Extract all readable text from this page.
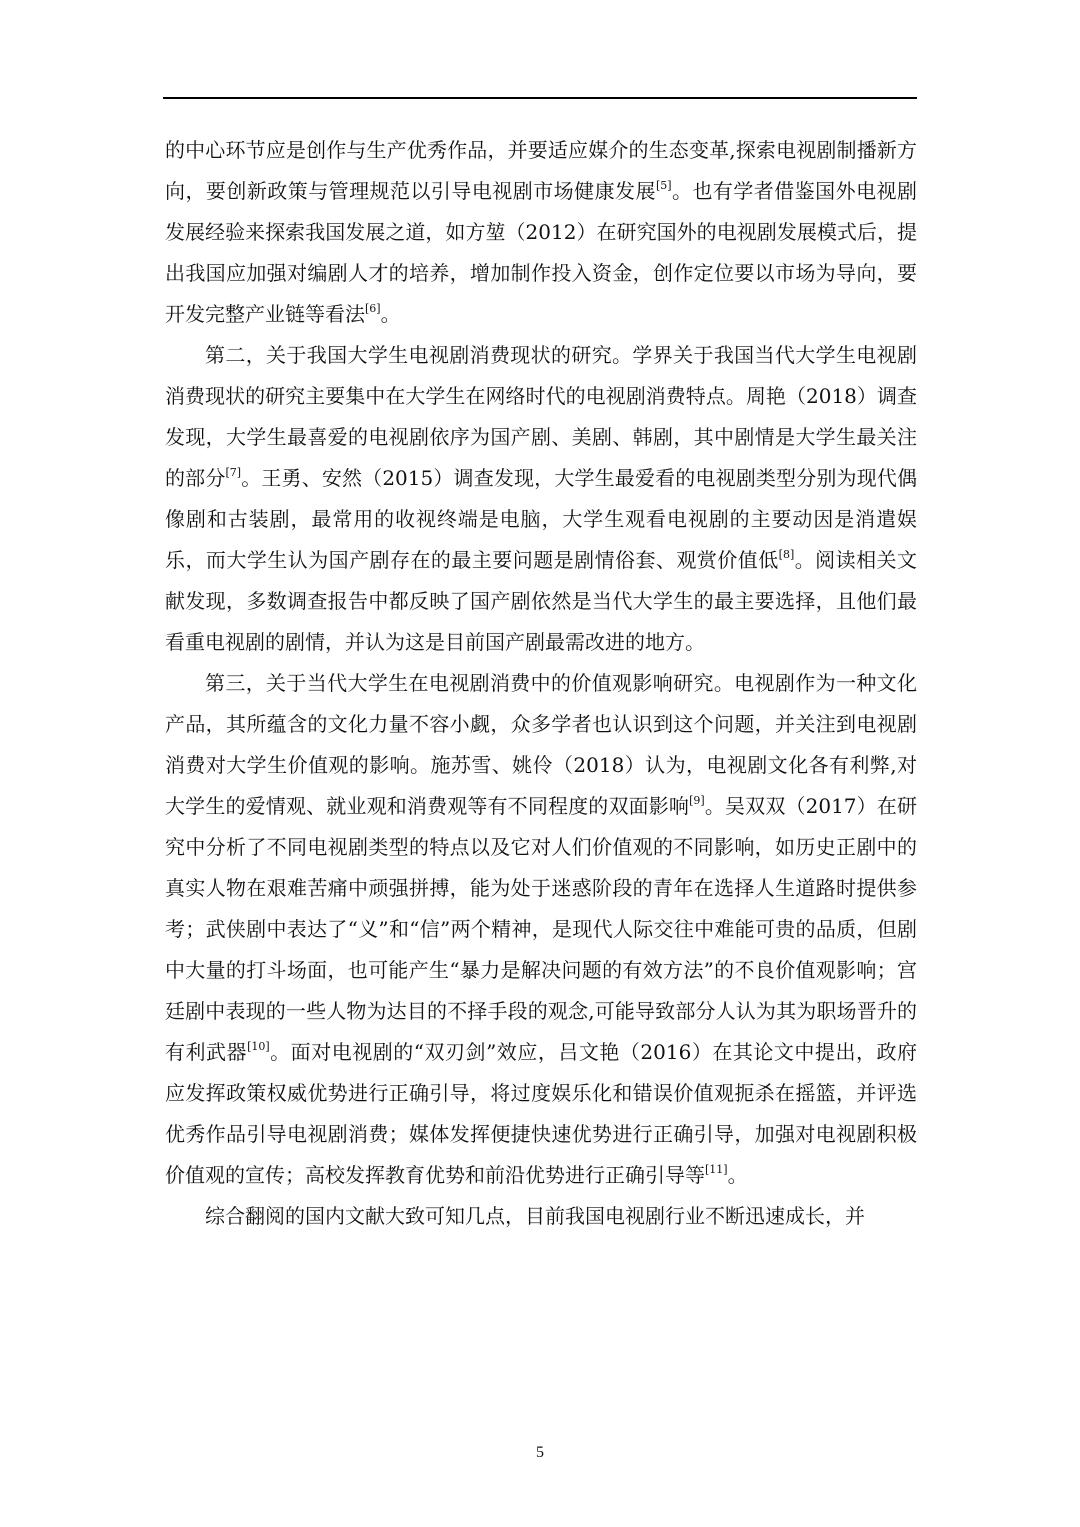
的中心环节应是创作与生产优秀作品，并要适应媒介的生态变革,探索电视剧制播新方向，要创新政策与管理规范以引导电视剧市场健康发展[5]。也有学者借鉴国外电视剧发展经验来探索我国发展之道，如方堃（2012）在研究国外的电视剧发展模式后，提出我国应加强对编剧人才的培养，增加制作投入资金，创作定位要以市场为导向，要开发完整产业链等看法[6]。

第二，关于我国大学生电视剧消费现状的研究。学界关于我国当代大学生电视剧消费现状的研究主要集中在大学生在网络时代的电视剧消费特点。周艳（2018）调查发现，大学生最喜爱的电视剧依序为国产剧、美剧、韩剧，其中剧情是大学生最关注的部分[7]。王勇、安然（2015）调查发现，大学生最爱看的电视剧类型分别为现代偶像剧和古装剧，最常用的收视终端是电脑，大学生观看电视剧的主要动因是消遣娱乐，而大学生认为国产剧存在的最主要问题是剧情俗套、观赏价值低[8]。阅读相关文献发现，多数调查报告中都反映了国产剧依然是当代大学生的最主要选择，且他们最看重电视剧的剧情，并认为这是目前国产剧最需改进的地方。

第三，关于当代大学生在电视剧消费中的价值观影响研究。电视剧作为一种文化产品，其所蕴含的文化力量不容小觑，众多学者也认识到这个问题，并关注到电视剧消费对大学生价值观的影响。施苏雪、姚伶（2018）认为，电视剧文化各有利弊,对大学生的爱情观、就业观和消费观等有不同程度的双面影响[9]。吴双双（2017）在研究中分析了不同电视剧类型的特点以及它对人们价值观的不同影响，如历史正剧中的真实人物在艰难苦痛中顽强拼搏，能为处于迷惑阶段的青年在选择人生道路时提供参考；武侠剧中表达了“义”和“信”两个精神，是现代人际交往中难能可贵的品质，但剧中大量的打斗场面，也可能产生“暴力是解决问题的有效方法”的不良价值观影响；宫廷剧中表现的一些人物为达目的不择手段的观念,可能导致部分人认为其为职场晋升的有利武器[10]。面对电视剧的“双刃剑”效应，吕文艳（2016）在其论文中提出，政府应发挥政策权威优势进行正确引导，将过度娱乐化和错误价值观扼杀在摇篮，并评选优秀作品引导电视剧消费；媒体发挥便捷快速优势进行正确引导，加强对电视剧积极价值观的宣传；高校发挥教育优势和前沿优势进行正确引导等[11]。

综合翻阅的国内文献大致可知几点，目前我国电视剧行业不断迅速成长，并

5
